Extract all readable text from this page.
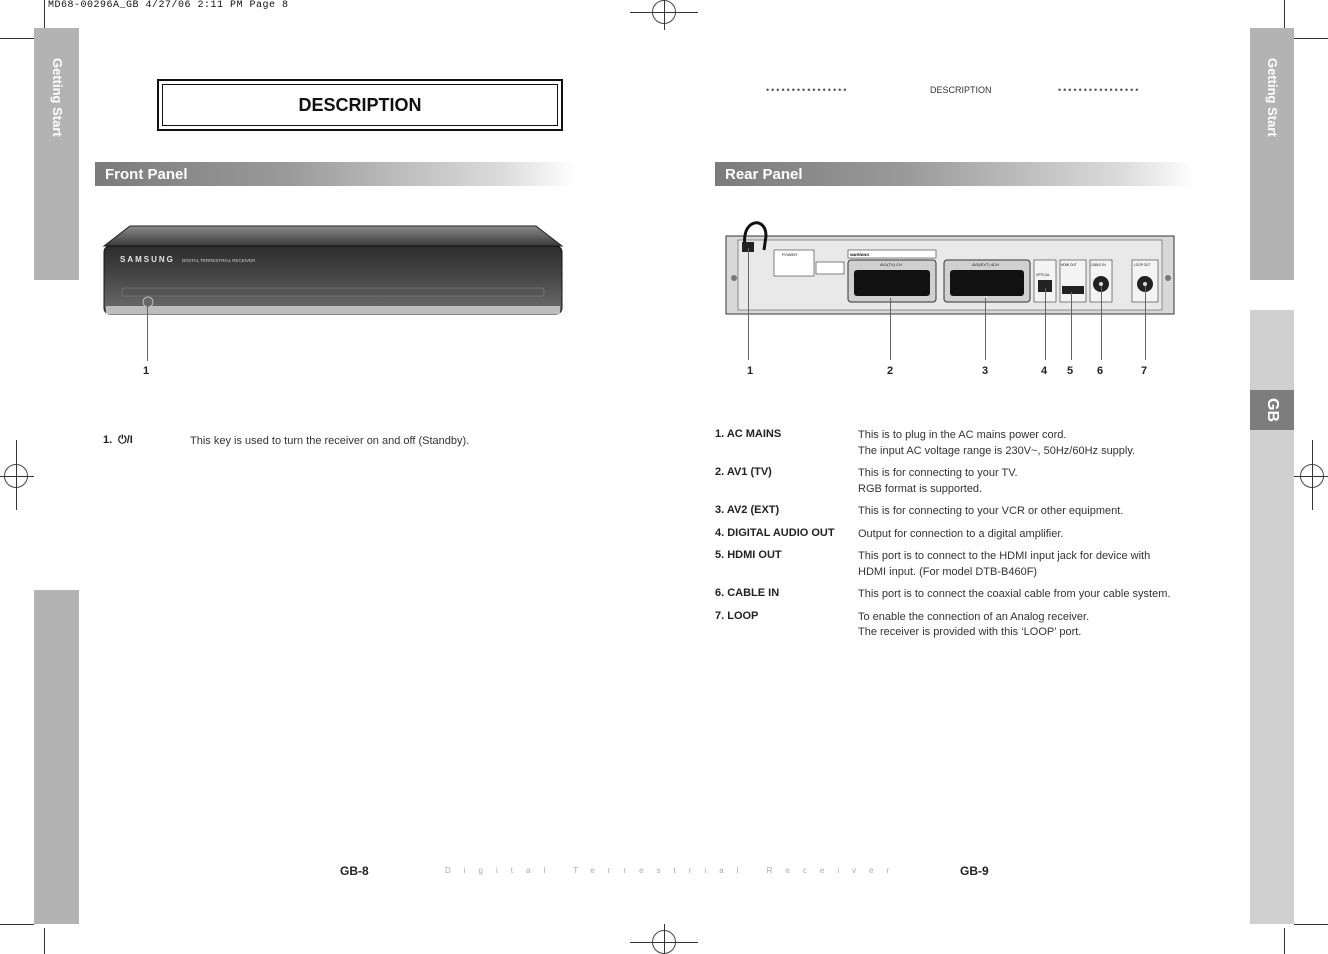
MD68-00296A_GB 4/27/06 2:11 PM Page 8
Getting Start	Getting Start
GB
DESCRIPTION
Front Panel
SAMSUNG DIGITAL TERRESTRIAL RECEIVER
1
1. ⏻/I	This key is used to turn the receiver on and off (Standby).
GB-8	Digital Terrestrial Receiver
••••••••••••••••	DESCRIPTION	••••••••••••••••
Rear Panel
POWER	WARNING
AV1(TV) CH	AV2(EXT) 4CH
OPTICAL
HDMI OUT	CABLE IN	LOOP OUT
1	2	3	4 5 6	7
1. AC MAINS	This is to plug in the AC mains power cord.
The input AC voltage range is 230V~, 50Hz/60Hz supply.
2. AV1 (TV)	This is for connecting to your TV.
RGB format is supported.
3. AV2 (EXT)	This is for connecting to your VCR or other equipment.
4. DIGITAL AUDIO OUT Output for connection to a digital amplifier.
5. HDMI OUT	This port is to connect to the HDMI input jack for device with
HDMI input. (For model DTB-B460F)
6. CABLE IN	This port is to connect the coaxial cable from your cable system.
7. LOOP	To enable the connection of an Analog receiver.
The receiver is provided with this ‘LOOP’ port.
GB-9
